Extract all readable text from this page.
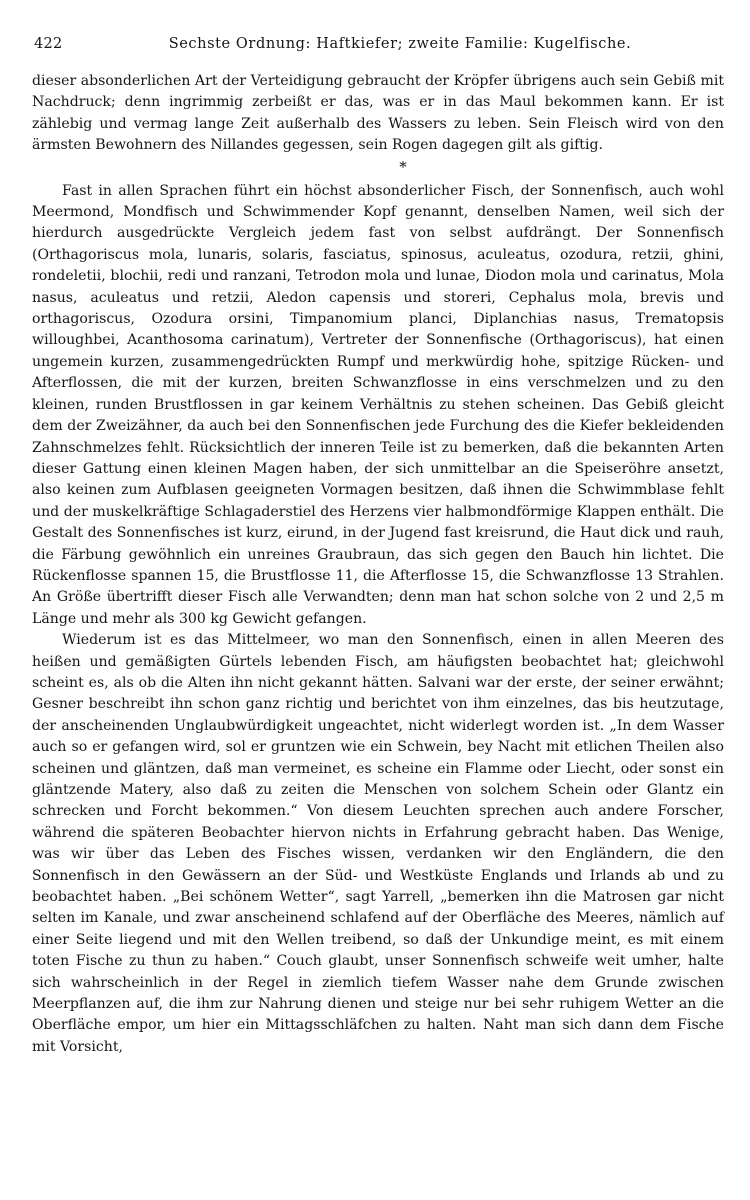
422	Sechste Ordnung: Haftkiefer; zweite Familie: Kugelfische.

dieser absonderlichen Art der Verteidigung gebraucht der Kröpfer übrigens auch sein Gebiß mit Nachdruck; denn ingrimmig zerbeißt er das, was er in das Maul bekommen kann. Er ist zählebig und vermag lange Zeit außerhalb des Wassers zu leben. Sein Fleisch wird von den ärmsten Bewohnern des Nillandes gegessen, sein Rogen dagegen gilt als giftig.

*

Fast in allen Sprachen führt ein höchst absonderlicher Fisch, der Sonnenfisch, auch wohl Meermond, Mondfisch und Schwimmender Kopf genannt, denselben Namen, weil sich der hierdurch ausgedrückte Vergleich jedem fast von selbst aufdrängt. Der Sonnenfisch (Orthagoriscus mola, lunaris, solaris, fasciatus, spinosus, aculeatus, ozodura, retzii, ghini, rondeletii, blochii, redi und ranzani, Tetrodon mola und lunae, Diodon mola und carinatus, Mola nasus, aculeatus und retzii, Aledon capensis und storeri, Cephalus mola, brevis und orthagoriscus, Ozodura orsini, Timpanomium planci, Diplanchias nasus, Trematopsis willoughbei, Acanthosoma carinatum), Vertreter der Sonnenfische (Orthagoriscus), hat einen ungemein kurzen, zusammengedrückten Rumpf und merkwürdig hohe, spitzige Rücken- und Afterflossen, die mit der kurzen, breiten Schwanzflosse in eins verschmelzen und zu den kleinen, runden Brustflossen in gar keinem Verhältnis zu stehen scheinen. Das Gebiß gleicht dem der Zweizähner, da auch bei den Sonnenfischen jede Furchung des die Kiefer bekleidenden Zahnschmelzes fehlt. Rücksichtlich der inneren Teile ist zu bemerken, daß die bekannten Arten dieser Gattung einen kleinen Magen haben, der sich unmittelbar an die Speiseröhre ansetzt, also keinen zum Aufblasen geeigneten Vormagen besitzen, daß ihnen die Schwimmblase fehlt und der muskelkräftige Schlagaderstiel des Herzens vier halbmondförmige Klappen enthält. Die Gestalt des Sonnenfisches ist kurz, eirund, in der Jugend fast kreisrund, die Haut dick und rauh, die Färbung gewöhnlich ein unreines Graubraun, das sich gegen den Bauch hin lichtet. Die Rückenflosse spannen 15, die Brustflosse 11, die Afterflosse 15, die Schwanzflosse 13 Strahlen. An Größe übertrifft dieser Fisch alle Verwandten; denn man hat schon solche von 2 und 2,5 m Länge und mehr als 300 kg Gewicht gefangen.

Wiederum ist es das Mittelmeer, wo man den Sonnenfisch, einen in allen Meeren des heißen und gemäßigten Gürtels lebenden Fisch, am häufigsten beobachtet hat; gleichwohl scheint es, als ob die Alten ihn nicht gekannt hätten. Salvani war der erste, der seiner erwähnt; Gesner beschreibt ihn schon ganz richtig und berichtet von ihm einzelnes, das bis heutzutage, der anscheinenden Unglaubwürdigkeit ungeachtet, nicht widerlegt worden ist. „In dem Wasser auch so er gefangen wird, sol er gruntzen wie ein Schwein, bey Nacht mit etlichen Theilen also scheinen und gläntzen, daß man vermeinet, es scheine ein Flamme oder Liecht, oder sonst ein gläntzende Matery, also daß zu zeiten die Menschen von solchem Schein oder Glantz ein schrecken und Forcht bekommen.“ Von diesem Leuchten sprechen auch andere Forscher, während die späteren Beobachter hiervon nichts in Erfahrung gebracht haben. Das Wenige, was wir über das Leben des Fisches wissen, verdanken wir den Engländern, die den Sonnenfisch in den Gewässern an der Süd- und Westküste Englands und Irlands ab und zu beobachtet haben. „Bei schönem Wetter“, sagt Yarrell, „bemerken ihn die Matrosen gar nicht selten im Kanale, und zwar anscheinend schlafend auf der Oberfläche des Meeres, nämlich auf einer Seite liegend und mit den Wellen treibend, so daß der Unkundige meint, es mit einem toten Fische zu thun zu haben.“ Couch glaubt, unser Sonnenfisch schweife weit umher, halte sich wahrscheinlich in der Regel in ziemlich tiefem Wasser nahe dem Grunde zwischen Meerpflanzen auf, die ihm zur Nahrung dienen und steige nur bei sehr ruhigem Wetter an die Oberfläche empor, um hier ein Mittagsschläfchen zu halten. Naht man sich dann dem Fische mit Vorsicht,
